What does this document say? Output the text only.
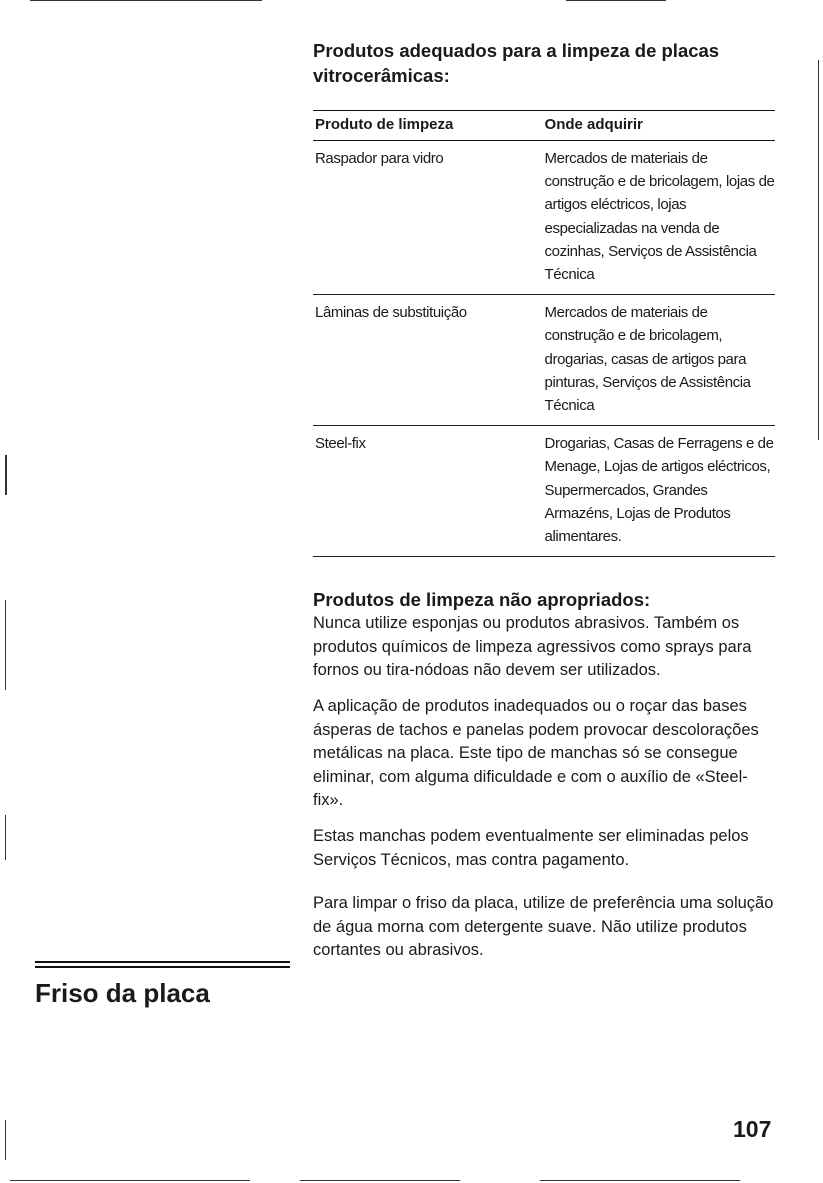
Produtos adequados para a limpeza de placas vitrocerâmicas:
Produto de limpeza	Onde adquirir
Raspador para vidro	Mercados de materiais de construção e de bricolagem, lojas de artigos eléctricos, lojas especializadas na venda de cozinhas, Serviços de Assistência Técnica
Lâminas de substituição	Mercados de materiais de construção e de bricolagem, drogarias, casas de artigos para pinturas, Serviços de Assistência Técnica
Steel-fix	Drogarias, Casas de Ferragens e de Menage, Lojas de artigos eléctricos, Supermercados, Grandes Armazéns, Lojas de Produtos alimentares.
Produtos de limpeza não apropriados:

Nunca utilize esponjas ou produtos abrasivos. Também os produtos químicos de limpeza agressivos como sprays para fornos ou tira-nódoas não devem ser utilizados.

A aplicação de produtos inadequados ou o roçar das bases ásperas de tachos e panelas podem provocar descolorações metálicas na placa. Este tipo de manchas só se consegue eliminar, com alguma dificuldade e com o auxílio de «Steel-fix».

Estas manchas podem eventualmente ser eliminadas pelos Serviços Técnicos, mas contra pagamento.

Para limpar o friso da placa, utilize de preferência uma solução de água morna com detergente suave. Não utilize produtos cortantes ou abrasivos.

Friso da placa
107
